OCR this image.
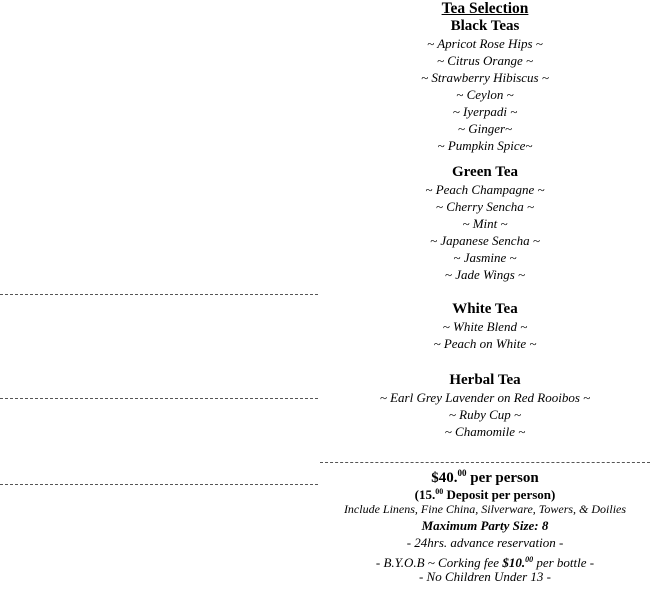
Tea Selection
Black Teas
~ Apricot Rose Hips ~
~ Citrus Orange ~
~ Strawberry Hibiscus ~
~ Ceylon ~
~ Iyerpadi ~
~ Ginger~
~ Pumpkin Spice~
Green Tea
~ Peach Champagne ~
~ Cherry Sencha ~
~ Mint ~
~ Japanese Sencha ~
~ Jasmine ~
~ Jade Wings ~
White Tea
~ White Blend ~
~ Peach on White ~
Herbal Tea
~ Earl Grey Lavender on Red Rooibos ~
~ Ruby Cup ~
~ Chamomile ~
$40.00 per person
(15.00 Deposit per person)
Include Linens, Fine China, Silverware, Towers, & Doilies
Maximum Party Size: 8
- 24hrs. advance reservation -
- B.Y.O.B ~ Corking fee $10.00 per bottle -
- No Children Under 13 -
